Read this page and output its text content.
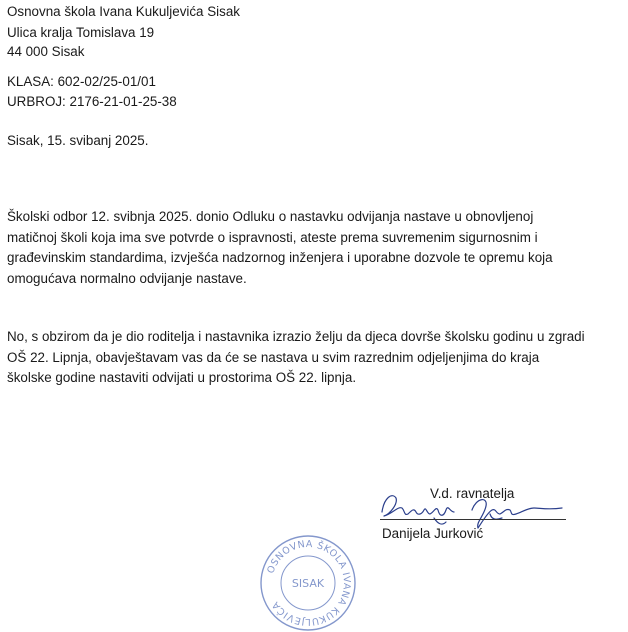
Osnovna škola Ivana Kukuljevića Sisak
Ulica kralja Tomislava 19
44 000 Sisak
KLASA: 602-02/25-01/01
URBROJ: 2176-21-01-25-38
Sisak, 15. svibanj 2025.
Školski odbor 12. svibnja 2025. donio Odluku o nastavku odvijanja nastave u obnovljenoj
matičnoj školi koja ima sve potvrde o ispravnosti, ateste prema suvremenim sigurnosnim i
građevinskim standardima, izvješća nadzornog inženjera i uporabne dozvole te opremu koja
omogućava normalno odvijanje nastave.
No, s obzirom da je dio roditelja i nastavnika izrazio želju da djeca dovrše školsku godinu u zgradi
OŠ 22. Lipnja, obavještavam vas da će se nastava u svim razrednim odjeljenjima do kraja
školske godine nastaviti odvijati u prostorima OŠ 22. lipnja.
V.d. ravnatelja
Danijela Jurković
OSNOVNA ŠKOLA IVANA KUKULJEVIĆA
SISAK
